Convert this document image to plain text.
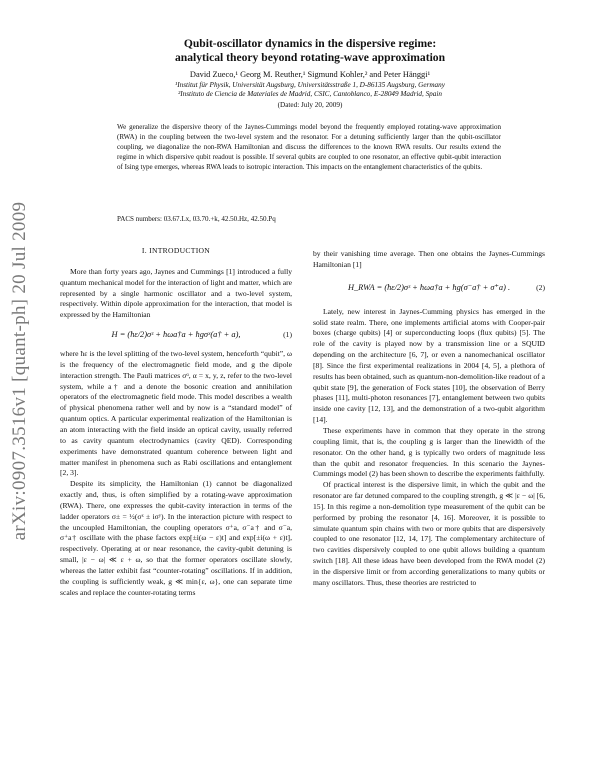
arXiv:0907.3516v1 [quant-ph] 20 Jul 2009
Qubit-oscillator dynamics in the dispersive regime:
analytical theory beyond rotating-wave approximation
David Zueco,¹ Georg M. Reuther,¹ Sigmund Kohler,² and Peter Hänggi¹
¹Institut für Physik, Universität Augsburg, Universitätsstraße 1, D-86135 Augsburg, Germany
²Instituto de Ciencia de Materiales de Madrid, CSIC, Cantoblanco, E-28049 Madrid, Spain
(Dated: July 20, 2009)
We generalize the dispersive theory of the Jaynes-Cummings model beyond the frequently employed rotating-wave approximation (RWA) in the coupling between the two-level system and the resonator. For a detuning sufficiently larger than the qubit-oscillator coupling, we diagonalize the non-RWA Hamiltonian and discuss the differences to the known RWA results. Our results extend the regime in which dispersive qubit readout is possible. If several qubits are coupled to one resonator, an effective qubit-qubit interaction of Ising type emerges, whereas RWA leads to isotropic interaction. This impacts on the entanglement characteristics of the qubits.
PACS numbers: 03.67.Lx, 03.70.+k, 42.50.Hz, 42.50.Pq
I. INTRODUCTION

More than forty years ago, Jaynes and Cummings [1] introduced a fully quantum mechanical model for the interaction of light and matter, which are represented by a single harmonic oscillator and a two-level system, respectively. Within dipole approximation for the interaction, that model is expressed by the Hamiltonian

H = (ħε/2)σᶻ + ħωa†a + ħgσˣ(a† + a),	(1)

where ħε is the level splitting of the two-level system, henceforth “qubit”, ω is the frequency of the electromagnetic field mode, and g the dipole interaction strength. The Pauli matrices σᵅ, α = x, y, z, refer to the two-level system, while a† and a denote the bosonic creation and annihilation operators of the electromagnetic field mode. This model describes a wealth of physical phenomena rather well and by now is a “standard model” of quantum optics. A particular experimental realization of the Hamiltonian is an atom interacting with the field inside an optical cavity, usually referred to as cavity quantum electrodynamics (cavity QED). Corresponding experiments have demonstrated quantum coherence between light and matter manifest in phenomena such as Rabi oscillations and entanglement [2, 3].

Despite its simplicity, the Hamiltonian (1) cannot be diagonalized exactly and, thus, is often simplified by a rotating-wave approximation (RWA). There, one expresses the qubit-cavity interaction in terms of the ladder operators σ± = ½(σˣ ± iσʸ). In the interaction picture with respect to the uncoupled Hamiltonian, the coupling operators σ⁺a, σ⁻a† and σ⁻a, σ⁺a† oscillate with the phase factors exp[±i(ω − ε)t] and exp[±i(ω + ε)t], respectively. Operating at or near resonance, the cavity-qubit detuning is small, |ε − ω| ≪ ε + ω, so that the former operators oscillate slowly, whereas the latter exhibit fast “counter-rotating” oscillations. If in addition, the coupling is sufficiently weak, g ≪ min{ε, ω}, one can separate time scales and replace the counter-rotating terms

by their vanishing time average. Then one obtains the Jaynes-Cummings Hamiltonian [1]

H_RWA = (ħε/2)σᶻ + ħωa†a + ħg(σ⁻a† + σ⁺a) .	(2)

Lately, new interest in Jaynes-Cumming physics has emerged in the solid state realm. There, one implements artificial atoms with Cooper-pair boxes (charge qubits) [4] or superconducting loops (flux qubits) [5]. The role of the cavity is played now by a transmission line or a SQUID depending on the architecture [6, 7], or even a nanomechanical oscillator [8]. Since the first experimental realizations in 2004 [4, 5], a plethora of results has been obtained, such as quantum-non-demolition-like readout of a qubit state [9], the generation of Fock states [10], the observation of Berry phases [11], multi-photon resonances [7], entanglement between two qubits inside one cavity [12, 13], and the demonstration of a two-qubit algorithm [14].

These experiments have in common that they operate in the strong coupling limit, that is, the coupling g is larger than the linewidth of the resonator. On the other hand, g is typically two orders of magnitude less than the qubit and resonator frequencies. In this scenario the Jaynes-Cummings model (2) has been shown to describe the experiments faithfully.

Of practical interest is the dispersive limit, in which the qubit and the resonator are far detuned compared to the coupling strength, g ≪ |ε − ω| [6, 15]. In this regime a non-demolition type measurement of the qubit can be performed by probing the resonator [4, 16]. Moreover, it is possible to simulate quantum spin chains with two or more qubits that are dispersively coupled to one resonator [12, 14, 17]. The complementary architecture of two cavities dispersively coupled to one qubit allows building a quantum switch [18]. All these ideas have been developed from the RWA model (2) in the dispersive limit or from according generalizations to many qubits or many oscillators. Thus, these theories are restricted to
